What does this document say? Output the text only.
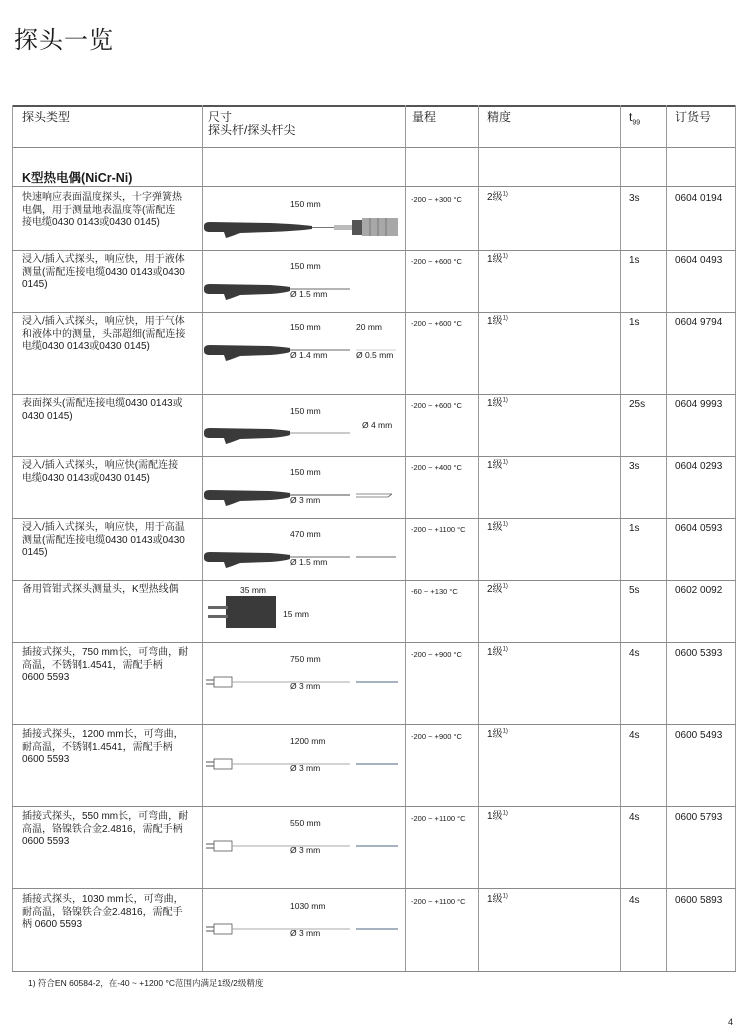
探头一览
探头类型	尺寸
探头杆/探头杆尖
量程	精度	$t_{99}$	订货号
K型热电偶(NiCr-Ni)
快速响应表面温度探头，十字弹簧热
电偶，用于测量地表温度等(需配连
接电缆0430 0143或0430 0145)
-200 ~ +300 °C	2级$^{1)}$	3s	0604 0194
150 mm
浸入/插入式探头，响应快，用于液体
测量(需配连接电缆0430 0143或0430
0145)
-200 ~ +600 °C	1级$^{1)}$	1s	0604 0493
150 mm
Ø 1.5 mm
浸入/插入式探头，响应快，用于气体
和液体中的测量，头部超细(需配连接
电缆0430 0143或0430 0145)
-200 ~ +600 °C	1级$^{1)}$	1s	0604 9794
150 mm	20 mm
Ø 1.4 mm	Ø 0.5 mm
表面探头(需配连接电缆0430 0143或
0430 0145)
-200 ~ +600 °C	1级$^{1)}$	25s	0604 9993
150 mm
Ø 4 mm
浸入/插入式探头，响应快(需配连接
电缆0430 0143或0430 0145)
-200 ~ +400 °C	1级$^{1)}$	3s	0604 0293
150 mm
Ø 3 mm
浸入/插入式探头，响应快，用于高温
测量(需配连接电缆0430 0143或0430
0145)
-200 ~ +1100 °C 1级$^{1)}$	1s	0604 0593
470 mm
Ø 1.5 mm
备用管钳式探头测量头，K型热线偶	-60 ~ +130 °C	2级$^{1)}$	5s	0602 0092
35 mm
15 mm
插接式探头，750 mm长，可弯曲，耐
高温，不锈钢1.4541，需配手柄
0600 5593
-200 ~ +900 °C	1级$^{1)}$	4s	0600 5393
750 mm
Ø 3 mm
插接式探头，1200 mm长，可弯曲，
耐高温，不锈钢1.4541，需配手柄
0600 5593
-200 ~ +900 °C	1级$^{1)}$	4s	0600 5493
1200 mm
Ø 3 mm
插接式探头，550 mm长，可弯曲，耐
高温，铬镍铁合金2.4816，需配手柄
0600 5593
-200 ~ +1100 °C 1级$^{1)}$	4s	0600 5793
550 mm
Ø 3 mm
插接式探头，1030 mm长，可弯曲，
耐高温，铬镍铁合金2.4816，需配手
柄 0600 5593
-200 ~ +1100 °C 1级$^{1)}$	4s	0600 5893
1030 mm
Ø 3 mm
1) 符合EN 60584-2，在-40 ~ +1200 °C范围内满足1级/2级精度
4
